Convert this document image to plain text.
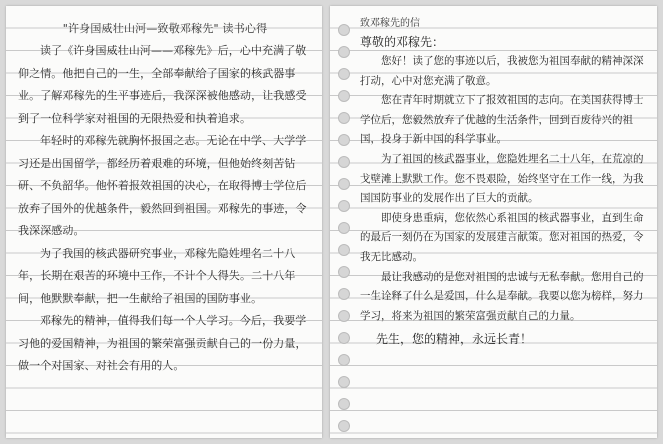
"许身国威壮山河—致敬邓稼先" 读书心得

读了《许身国威壮山河——邓稼先》后，心中充满了敬仰之情。他把自己的一生，全部奉献给了国家的核武器事业。了解邓稼先的生平事迹后，我深深被他感动，让我感受到了一位科学家对祖国的无限热爱和执着追求。

年轻时的邓稼先就胸怀报国之志。无论在中学、大学学习还是出国留学，都经历着艰难的环境，但他始终刻苦钻研、不负韶华。他怀着报效祖国的决心，在取得博士学位后放弃了国外的优越条件，毅然回到祖国。邓稼先的事迹，令我深深感动。

为了我国的核武器研究事业，邓稼先隐姓埋名二十八年，长期在艰苦的环境中工作，不计个人得失。二十八年间，他默默奉献，把一生献给了祖国的国防事业。

邓稼先的精神，值得我们每一个人学习。今后，我要学习他的爱国精神，为祖国的繁荣富强贡献自己的一份力量，做一个对国家、对社会有用的人。

致邓稼先的信
尊敬的邓稼先：

您好！读了您的事迹以后，我被您为祖国奉献的精神深深打动，心中对您充满了敬意。

您在青年时期就立下了报效祖国的志向。在美国获得博士学位后，您毅然放弃了优越的生活条件，回到百废待兴的祖国，投身于新中国的科学事业。

为了祖国的核武器事业，您隐姓埋名二十八年，在荒凉的戈壁滩上默默工作。您不畏艰险，始终坚守在工作一线，为我国国防事业的发展作出了巨大的贡献。

即使身患重病，您依然心系祖国的核武器事业，直到生命的最后一刻仍在为国家的发展建言献策。您对祖国的热爱，令我无比感动。

最让我感动的是您对祖国的忠诚与无私奉献。您用自己的一生诠释了什么是爱国，什么是奉献。我要以您为榜样，努力学习，将来为祖国的繁荣富强贡献自己的力量。

先生，您的精神，永远长青！
